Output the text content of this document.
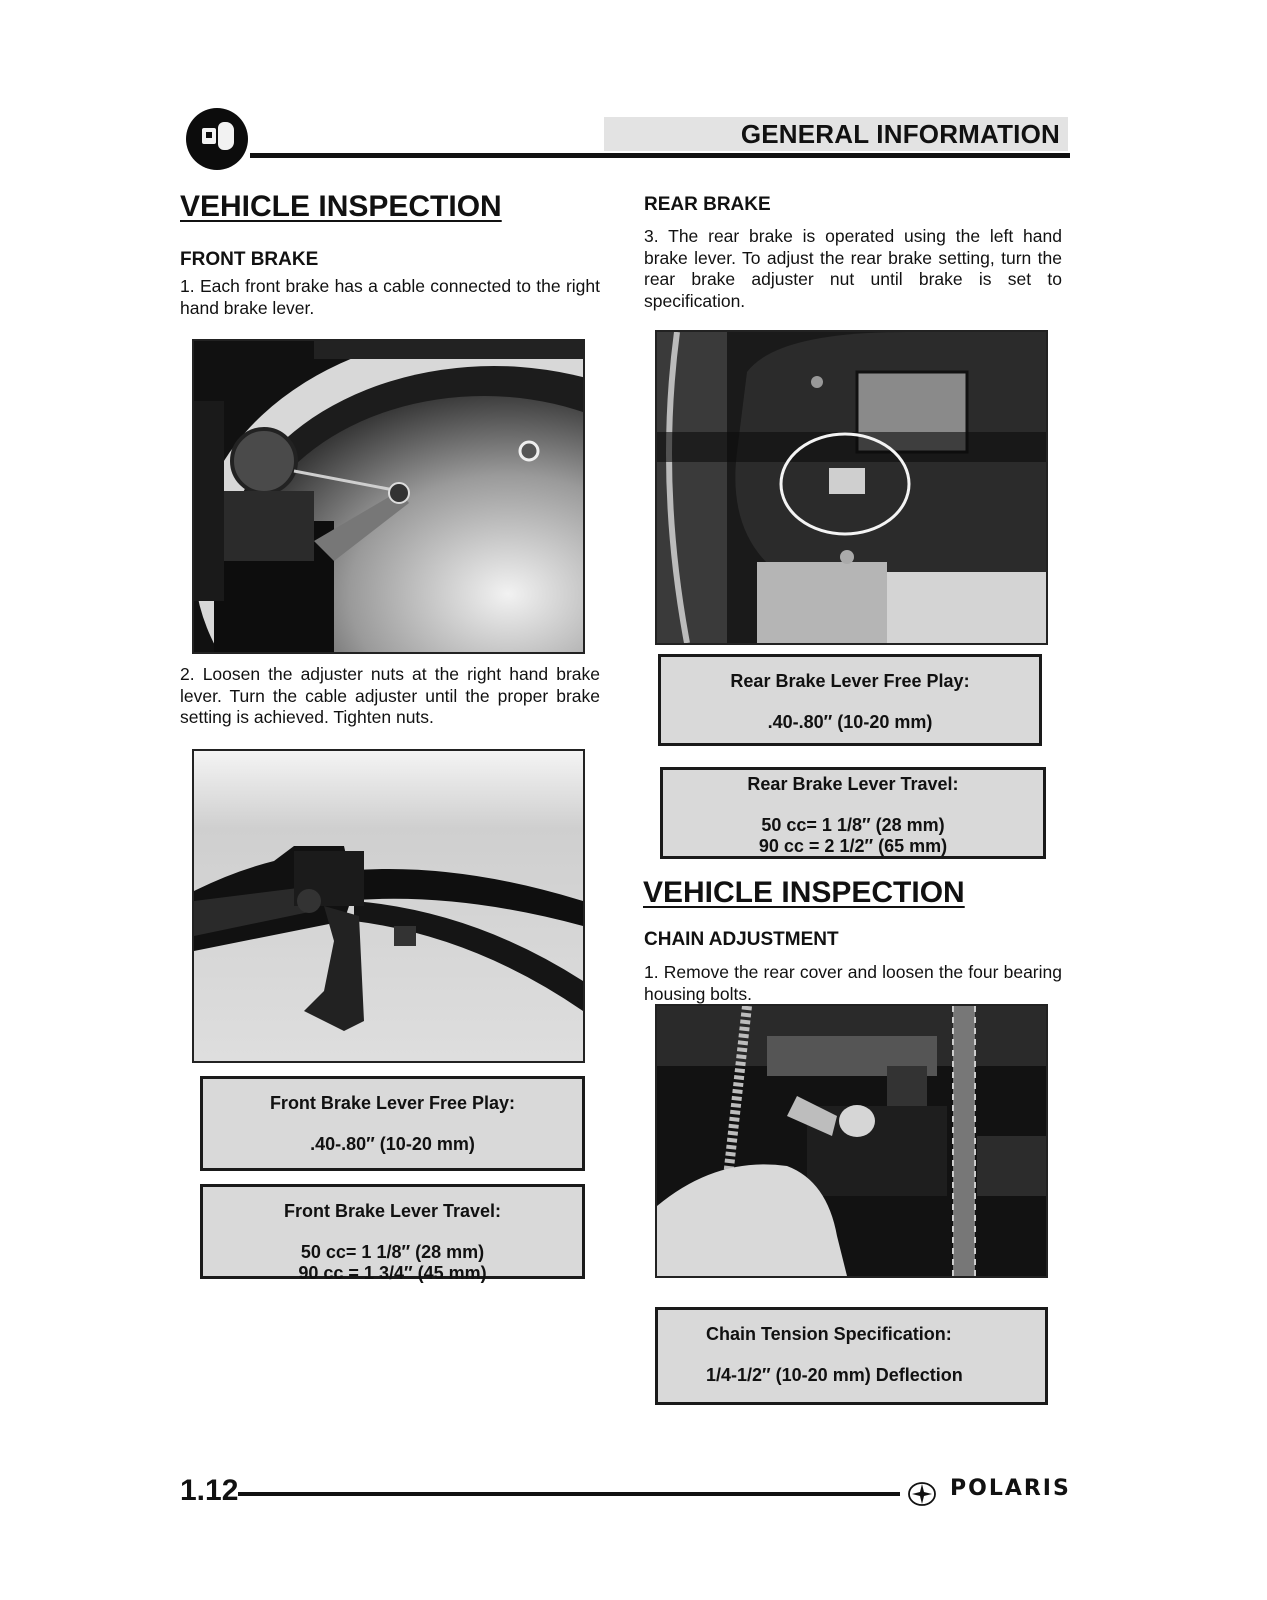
GENERAL INFORMATION
VEHICLE INSPECTION
FRONT BRAKE
1. Each front brake has a cable connected to the right hand brake lever.
2. Loosen the adjuster nuts at the right hand brake lever. Turn the cable adjuster until the proper brake setting is achieved. Tighten nuts.
Front Brake Lever Free Play:
.40-.80″ (10-20 mm)
Front Brake Lever Travel:
50 cc= 1 1/8″ (28 mm)
90 cc = 1 3/4″ (45 mm)
REAR BRAKE
3. The rear brake is operated using the left hand brake lever. To adjust the rear brake setting, turn the rear brake adjuster nut until brake is set to specification.
Rear Brake Lever Free Play:
.40-.80″ (10-20 mm)
Rear Brake Lever Travel:
50 cc= 1 1/8″ (28 mm)
90 cc = 2 1/2″ (65 mm)
VEHICLE INSPECTION
CHAIN ADJUSTMENT
1. Remove the rear cover and loosen the four bearing housing bolts.
Chain Tension Specification:
1/4-1/2″ (10-20 mm) Deflection
1.12	POLARIS
